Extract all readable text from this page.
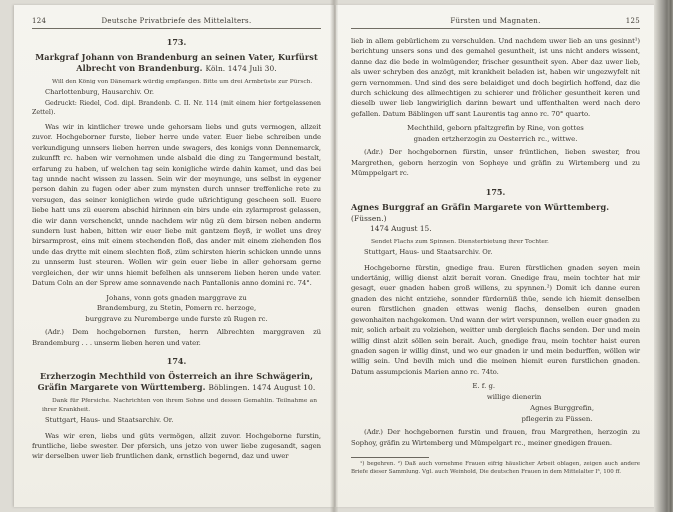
124	Deutsche Privatbriefe des Mittelalters.
173.
Markgraf Johann von Brandenburg an seinen Vater, Kurfürst Albrecht von Brandenburg. Köln. 1474 Juli 30.
Will den König von Dänemark würdig empfangen. Bitte um drei Armbrüste zur Pürsch.
Charlottenburg, Hausarchiv. Or.
Gedruckt: Riedel, Cod. dipl. Brandenb. C. II. Nr. 114 (mit einem hier fortgelassenen Zettel).
Was wir in kintlicher trewe unde gehorsam liebs und guts vermogen, allzeit zuvor. Hochgeborner furste, lieber herre unde vater. Euer liebe schreiben unde verkundigung unnsers lieben herren unde swagers, des konigs vonn Dennemarck, zukunfft rc. haben wir vernohmen unde alsbald die ding zu Tangermund bestalt, erfarung zu haben, uf welchen tag sein konigliche wirde dahin kamet, und das bei tag unnde nacht wissen zu lassen. Sein wir der meynunge, uns selbst in eygener person dahin zu fugen oder aber zum mynsten durch unnser treffenliche rete zu versugen, das seiner koniglichen wirde gude ußrichtigung gescheen soll. Euere liebe hatt uns zü euerem abschid hirinnen ein birs unde ein zylarmprost gelassen, die wir dann verschenckt, unnde nachdem wir nüg zü dem birsen neben anderm sundern lust haben, bitten wir euer liebe mit gantzem fleyß, ir wollet uns drey birsarmprost, eins mit einem stechenden floß, das ander mit einem ziehenden flos unde das drytte mit einem slechten floß, züm schirsten hierin schicken unnde unns zu unnserm lust steuren. Wollen wir gein euer liebe in aller gehorsam gerne vergleichen, der wir unns hiemit befelhen als unnserem lieben heren unde vater. Datum Coln an der Sprew ame sonnavende nach Pantallonis anno domini rc. 74°.
Johans, vonn gots gnaden marggrave zu
Brandemburg, zu Stetin, Pomern rc. herzoge,
burggrave zu Nuremberge unde furste zü Rugen rc.
(Adr.) Dem hochgebornen fursten, herrn Albrechten marggraven zü Brandemburg . . . unserm lieben heren und vater.
174.
Erzherzogin Mechthild von Österreich an ihre Schwägerin, Gräfin Margarete von Württemberg. Böblingen. 1474 August 10.
Dank für Pfersiche. Nachrichten von ihrem Sohne und dessen Gemahlin. Teilnahme an ihrer Krankheit.
Stuttgart, Haus- und Staatsarchiv. Or.
Was wir eren, liebs und güts vermögen, allzit zuvor. Hochgeborne furstin, fruntliche, liebe swester. Der pfersich, uns jetzo von uwer liebe zugesandt, sagen wir derselben uwer lieb fruntlichen dank, ernstlich begernd, daz und uwer
Fürsten und Magnaten.	125
lieb in allem gebürlichem zu verschulden. Und nachdem uwer lieb an uns gesinnt¹) berichtung unsers sons und des gemahel gesuntheit, ist uns nicht anders wissent, danne daz die bede in wolmügender, frischer gesuntheit syen. Aber daz uwer lieb, als uwer schryben des anzögt, mit krankheit beladen ist, haben wir ungezwyfelt nit gern vernommen. Und sind des sere belaidiget und doch begirlich hoffend, daz die durch schickung des allmechtigen zu schierer und frölicher gesuntheit keren und dieselb uwer lieb langwiriglich darinn bewart und uffenthalten werd nach dero gefallen. Datum Bäblingen uff sant Laurentis tag anno rc. 70° quarto.
Mechthild, geborn pfaltzgrefin by Rine, von gottes
gnaden ertzherzogin zu Oesterrich rc., wittwe.
(Adr.) Der hochgebornen fürstin, unser früntlichen, lieben swester, frou Margrethen, geborn herzogin von Sopheye und gräfin zu Wirtemberg und zu Mümppelgart rc.
175.
Agnes Burggraf an Gräfin Margarete von Württemberg. (Füssen.)
1474 August 15.
Sendet Flachs zum Spinnen. Diensterbietung ihrer Tochter.
Stuttgart, Haus- und Staatsarchiv. Or.
Hochgeborne fürstin, gnedige frau. Euren fürstlichen gnaden seyen mein undertänig, willig dienst alzit berait voran. Gnedige frau, mein tochter hat mir gesagt, euer gnaden haben groß willens, zu spynnen.²) Domit ich danne euren gnaden des nicht entziehe, sonnder fürdernüß thüe, sende ich hiemit denselben euren fürstlichen gnaden ettwas wenig flachs, denselben euren gnaden gewonhaiten nachgekomen. Und wann der wirt verspunnen, wellen euer gnaden zu mir, solich arbait zu volziehen, weitter umb dergleich flachs senden. Der und mein willig dinst alzit söllen sein berait. Auch, gnedige frau, mein tochter haist euren gnaden sagen ir willig dinst, und wo eur gnaden ir und mein bedurffen, wöllen wir willig sein. Und bevilh mich und die meinen hiemit euren furstlichen gnaden. Datum assumpcionis Marien anno rc. 74to.
E. f. g.
willige dienerin
Agnes Burggrefin,
pflegerin zu Füssen.
(Adr.) Der hochgebornen furstin und frauen, frau Margrethen, herzogin zu Sophoy, gräfin zu Wirtemberg und Mümpelgart rc., meiner gnedigen frauen.
¹) begehren. ²) Daß auch vornehme Frauen eifrig häuslicher Arbeit oblagen, zeigen auch andere Briefe dieser Sammlung. Vgl. auch Weinhold, Die deutschen Frauen in dem Mittelalter I³, 100 ff.
